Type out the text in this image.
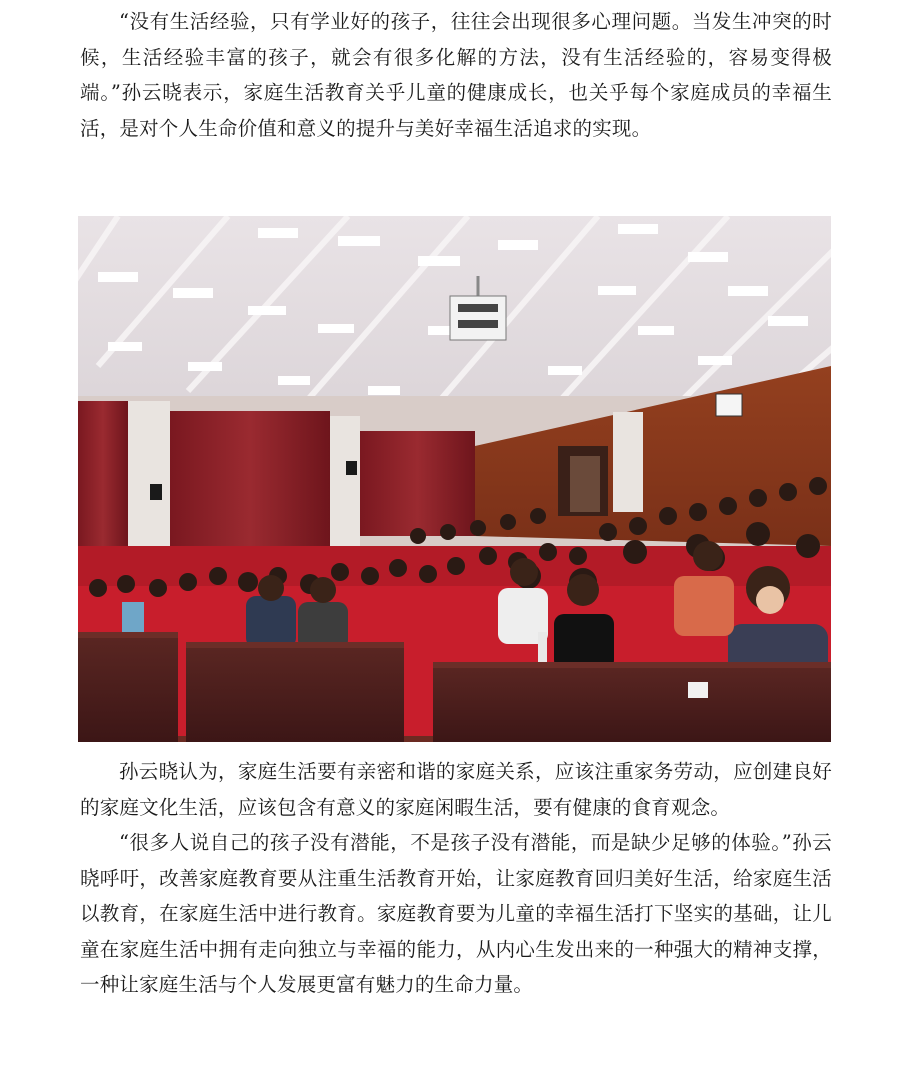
“没有生活经验，只有学业好的孩子，往往会出现很多心理问题。当发生冲突的时候，生活经验丰富的孩子，就会有很多化解的方法，没有生活经验的，容易变得极端。”孙云晓表示，家庭生活教育关乎儿童的健康成长，也关乎每个家庭成员的幸福生活，是对个人生命价值和意义的提升与美好幸福生活追求的实现。

孙云晓认为，家庭生活要有亲密和谐的家庭关系，应该注重家务劳动，应创建良好的家庭文化生活，应该包含有意义的家庭闲暇生活，要有健康的食育观念。

“很多人说自己的孩子没有潜能，不是孩子没有潜能，而是缺少足够的体验。”孙云晓呼吁，改善家庭教育要从注重生活教育开始，让家庭教育回归美好生活，给家庭生活以教育，在家庭生活中进行教育。家庭教育要为儿童的幸福生活打下坚实的基础，让儿童在家庭生活中拥有走向独立与幸福的能力，从内心生发出来的一种强大的精神支撑，一种让家庭生活与个人发展更富有魅力的生命力量。
